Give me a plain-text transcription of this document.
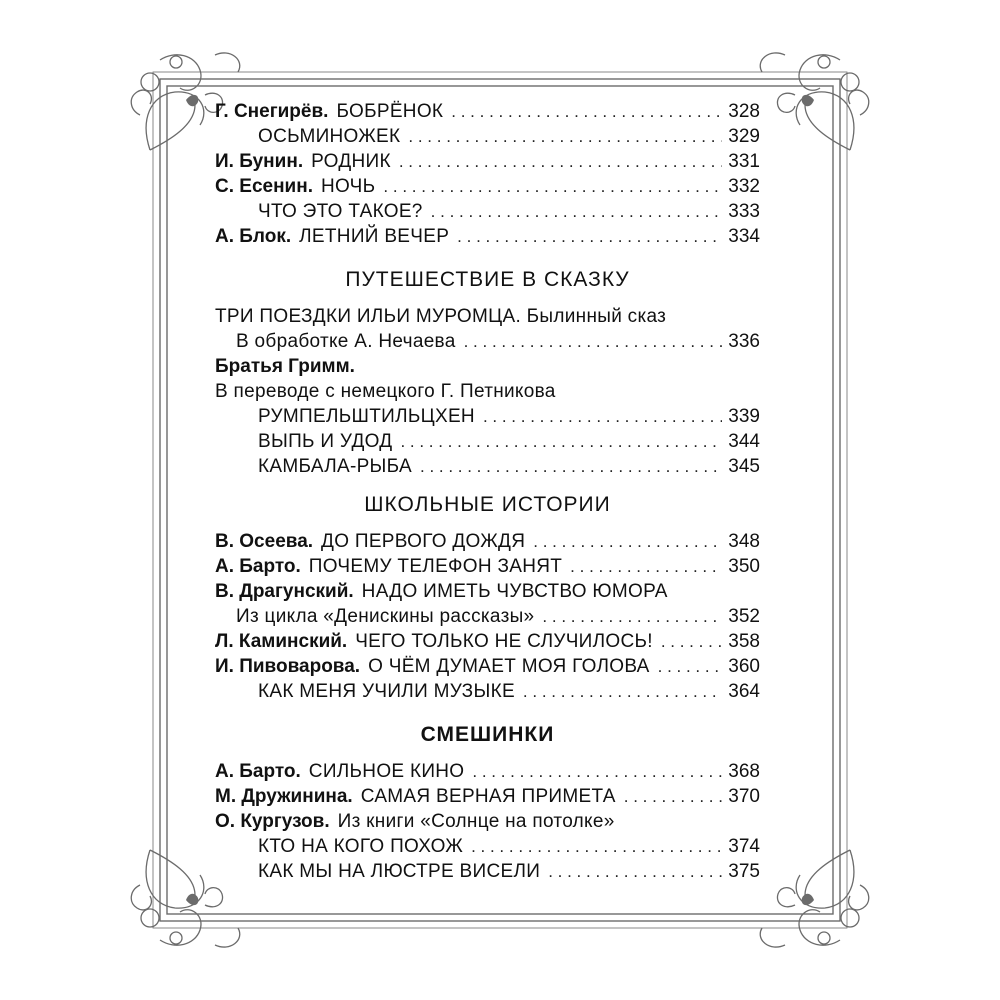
Г. Снегирёв. БОБРЁНОК . . .	328
ОСЬМИНОЖЕК . . .	329
И. Бунин. РОДНИК . . .	331
С. Есенин. НОЧЬ . . .	332
ЧТО ЭТО ТАКОЕ? . . .	333
А. Блок. ЛЕТНИЙ ВЕЧЕР . . .	334
ПУТЕШЕСТВИЕ В СКАЗКУ
ТРИ ПОЕЗДКИ ИЛЬИ МУРОМЦА. Былинный сказ
В обработке А. Нечаева . . .	336
Братья Гримм.
В переводе с немецкого Г. Петникова
РУМПЕЛЬШТИЛЬЦХЕН . . .	339
ВЫПЬ И УДОД . . .	344
КАМБАЛА-РЫБА . . .	345
ШКОЛЬНЫЕ ИСТОРИИ
В. Осеева. ДО ПЕРВОГО ДОЖДЯ . . .	348
А. Барто. ПОЧЕМУ ТЕЛЕФОН ЗАНЯТ . . .	350
В. Драгунский. НАДО ИМЕТЬ ЧУВСТВО ЮМОРА
Из цикла «Денискины рассказы» . . .	352
Л. Каминский. ЧЕГО ТОЛЬКО НЕ СЛУЧИЛОСЬ! . . .	358
И. Пивоварова. О ЧЁМ ДУМАЕТ МОЯ ГОЛОВА . . .	360
КАК МЕНЯ УЧИЛИ МУЗЫКЕ . . .	364
СМЕШИНКИ
А. Барто. СИЛЬНОЕ КИНО . . .	368
М. Дружинина. САМАЯ ВЕРНАЯ ПРИМЕТА . . .	370
О. Кургузов. Из книги «Солнце на потолке»
КТО НА КОГО ПОХОЖ . . .	374
КАК МЫ НА ЛЮСТРЕ ВИСЕЛИ . . .	375
